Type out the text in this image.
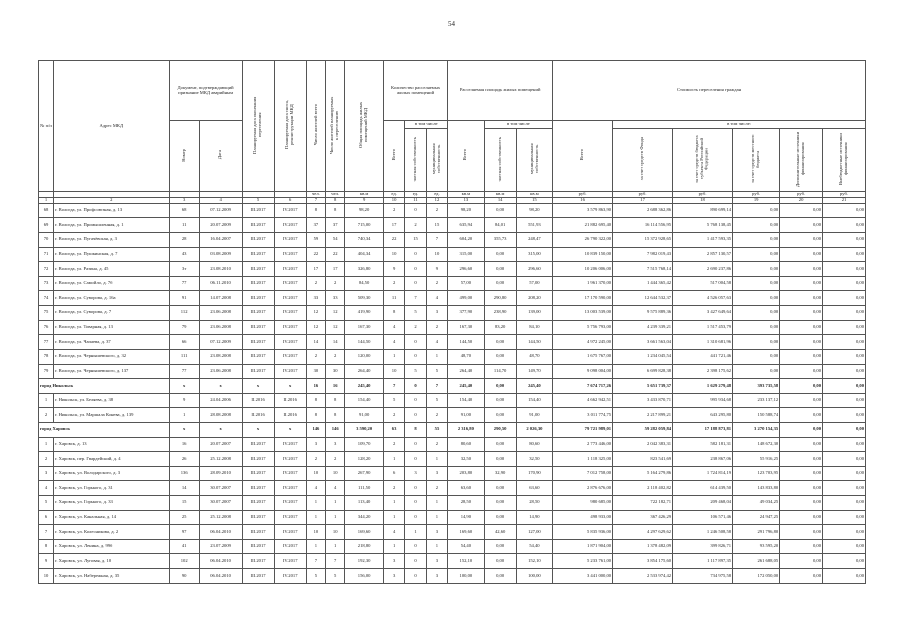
54
№ п/п	Адрес МКД	Документ, подтверждающий признание МКД аварийным		Планируемая дата окончания переселения	Планируемая дата сноса, реконструкции МКД	Число жителей всего	Число жителей планируемых к переселению	Общая площадь жилых помещений МКД	Количество расселяемых жилых помещений			Расселяемая площадь жилых помещений			Стоимость переселения граждан					
		Номер	Дата						Всего	в том числе		Всего	в том числе		Всего	в том числе:				
										частная собственность	муниципальная собственность		частная собственность	муниципальная собственность		за счет средств Фонда	за счет средств бюджета субъекта Российской Федерации	за счет средств местного бюджета	Дополнительные источники финансирования	Внебюджетные источники финансирования
						чел.	чел.	кв.м	ед.	ед.	ед.	кв.м	кв.м	кв.м	руб.	руб.	руб.	руб.	руб.	руб.
1	2	3	4	5	6	7	8	9	10	11	12	13	14	15	16	17	18	19	20	21
68	г. Вологда, ул. Профсоюзная, д. 13	68	07.12.2009	III.2017	IV.2017	8	8	98,20	2	0	2	98,20	0,00	98,20	3 579 863,90	2 688 362,86	890 699,14	0,00	0,00	0,00
69	г. Вологда, ул. Промышленная, д. 1	11	20.07.2009	III.2017	IV.2017	37	37	715,00	17	2	15	635,94	84,01	551,93	21 882 695,40	16 114 556,95	5 768 138,45	0,00	0,00	0,00
70	г. Вологда, ул. Пугачёвская, д. 3	28	16.04.2007	III.2017	IV.2017	59	54	740,34	22	15	7	604,20	355,73	248,47	26 790 322,00	15 372 928,65	1 417 593,35	0,00	0,00	0,00
71	г. Вологда, ул. Пушкинская, д. 7	43	03.08.2009	III.2017	IV.2017	22	22	404,34	10	0	10	315,00	0,00	315,00	10 839 150,00	7 982 019,43	2 857 130,57	0,00	0,00	0,00
72	г. Вологда, ул. Разина, д. 45	3т	23.08.2010	III.2017	IV.2017	17	17	326,80	9	0	9	296,60	0,00	296,60	10 206 006,00	7 515 768,14	2 690 237,86	0,00	0,00	0,00
73	г. Вологда, ул. Самойло, д. 7б	77	06.11.2010	III.2017	IV.2017	2	2	84,50	2	0	2	57,00	0,00	57,00	1 961 370,00	1 444 365,42	517 004,58	0,00	0,00	0,00
74	г. Вологда, ул. Суворова, д. 16а	91	14.07.2008	III.2017	IV.2017	33	33	509,30	11	7	4	499,00	290,80	208,20	17 170 590,00	12 644 532,37	4 526 057,63	0,00	0,00	0,00
75	г. Вологда, ул. Суворова, д. 7	112	23.06.2008	III.2017	IV.2017	12	12	419,90	8	5	3	377,90	238,90	139,00	13 003 539,00	9 575 889,36	3 427 649,64	0,00	0,00	0,00
76	г. Вологда, ул. Товарная, д. 13	79	23.06.2008	III.2017	IV.2017	12	12	167,30	4	2	2	167,30	83,20	84,10	5 756 793,00	4 239 339,21	1 517 453,79	0,00	0,00	0,00
77	г. Вологда, ул. Чапаева, д. 37	66	07.12.2009	III.2017	IV.2017	14	14	144,50	4	0	4	144,50	0,00	144,50	4 972 245,00	3 661 563,04	1 310 681,96	0,00	0,00	0,00
78	г. Вологда, ул. Чернышевского, д. 32	111	23.08.2008	III.2017	IV.2017	2	2	120,00	1	0	1	48,70	0,00	48,70	1 675 767,00	1 234 045,54	441 721,46	0,00	0,00	0,00
79	г. Вологда, ул. Чернышевского, д. 137	77	23.06.2008	III.2017	IV.2017	30	30	264,40	10	5	5	264,40	114,70	149,70	9 098 004,00	6 699 828,38	2 398 175,62	0,00	0,00	0,00
город Никольск		x	x	x	x	16	16	245,40	7	0	7	245,40	0,00	245,40	7 674 717,26	5 651 739,37	1 629 279,48	393 735,58	0,00	0,00
1	г. Никольск, ул. Беляева, д. 38	9	24.04.2006	II.2016	II.2016	8	8	154,40	5	0	5	154,40	0,00	154,40	4 662 942,51	3 433 870,71	995 934,68	233 137,12	0,00	0,00
2	г. Никольск, ул. Маршала Конева, д. 139	1	28.08.2008	II.2016	II.2016	8	8	91,00	2	0	2	91,00	0,00	91,00	3 011 774,75	2 217 899,21	643 295,80	150 588,74	0,00	0,00
город Харовск		x	x	x	x	146	146	3 590,20	63	8	55	2 316,80	290,50	2 026,30	79 721 989,01	59 282 059,84	17 188 873,81	3 270 154,35	0,00	0,00
1	г. Харовск, д. 13	16	20.07.2007	III.2017	IV.2017	3	3	109,70	2	0	2	80,60	0,00	80,60	2 773 446,00	2 042 383,31	582 181,31	148 672,30	0,00	0,00
2	г. Харовск, пер. Гвардейский, д. 4	26	25.12.2008	III.2017	IV.2017	2	2	128,20	1	0	1	32,50	0,00	32,50	1 118 325,00	823 541,69	238 867,06	55 916,25	0,00	0,00
3	г. Харовск, ул. Володарского, д. 3	136	28.09.2010	III.2017	IV.2017	10	10	267,90	6	3	3	203,80	32,90	170,90	7 012 758,00	5 164 279,86	1 724 814,19	123 703,95	0,00	0,00
4	г. Харовск, ул. Горького, д. 31	14	30.07.2007	III.2017	IV.2017	4	4	111,50	2	0	2	63,60	0,00	63,60	2 876 676,00	2 118 402,82	614 439,50	143 833,80	0,00	0,00
5	г. Харовск, ул. Горького, д. 33	15	30.07.2007	III.2017	IV.2017	1	1	113,40	1	0	1	28,50	0,00	28,50	980 685,00	722 182,71	209 468,04	49 034,25	0,00	0,00
6	г. Харовск, ул. Канальная, д. 14	25	25.12.2008	III.2017	IV.2017	1	1	344,20	1	0	1	14,90	0,00	14,90	498 933,00	367 426,29	106 571,46	24 947,25	0,00	0,00
7	г. Харовск, ул. Колесникова, д. 2	97	06.04.2010	III.2017	IV.2017	10	10	169,60	4	1	3	169,60	42,60	127,00	5 835 936,00	4 297 629,62	1 246 508,58	291 796,80	0,00	0,00
8	г. Харовск, ул. Ленина, д. 99б	41	23.07.2009	III.2017	IV.2017	1	1	218,80	1	0	1	54,40	0,00	54,40	1 871 904,00	1 378 482,09	399 826,71	93 595,20	0,00	0,00
9	г. Харовск, ул. Луговая, д. 10	102	06.04.2010	III.2017	IV.2017	7	7	192,30	3	0	3	152,10	0,00	152,10	5 233 761,00	3 854 175,60	1 117 897,35	261 688,05	0,00	0,00
10	г. Харовск, ул. Набережная, д. 35	90	06.04.2010	III.2017	IV.2017	5	5	156,00	3	0	3	100,00	0,00	100,00	3 441 000,00	2 533 974,42	734 975,58	172 050,00	0,00	0,00
